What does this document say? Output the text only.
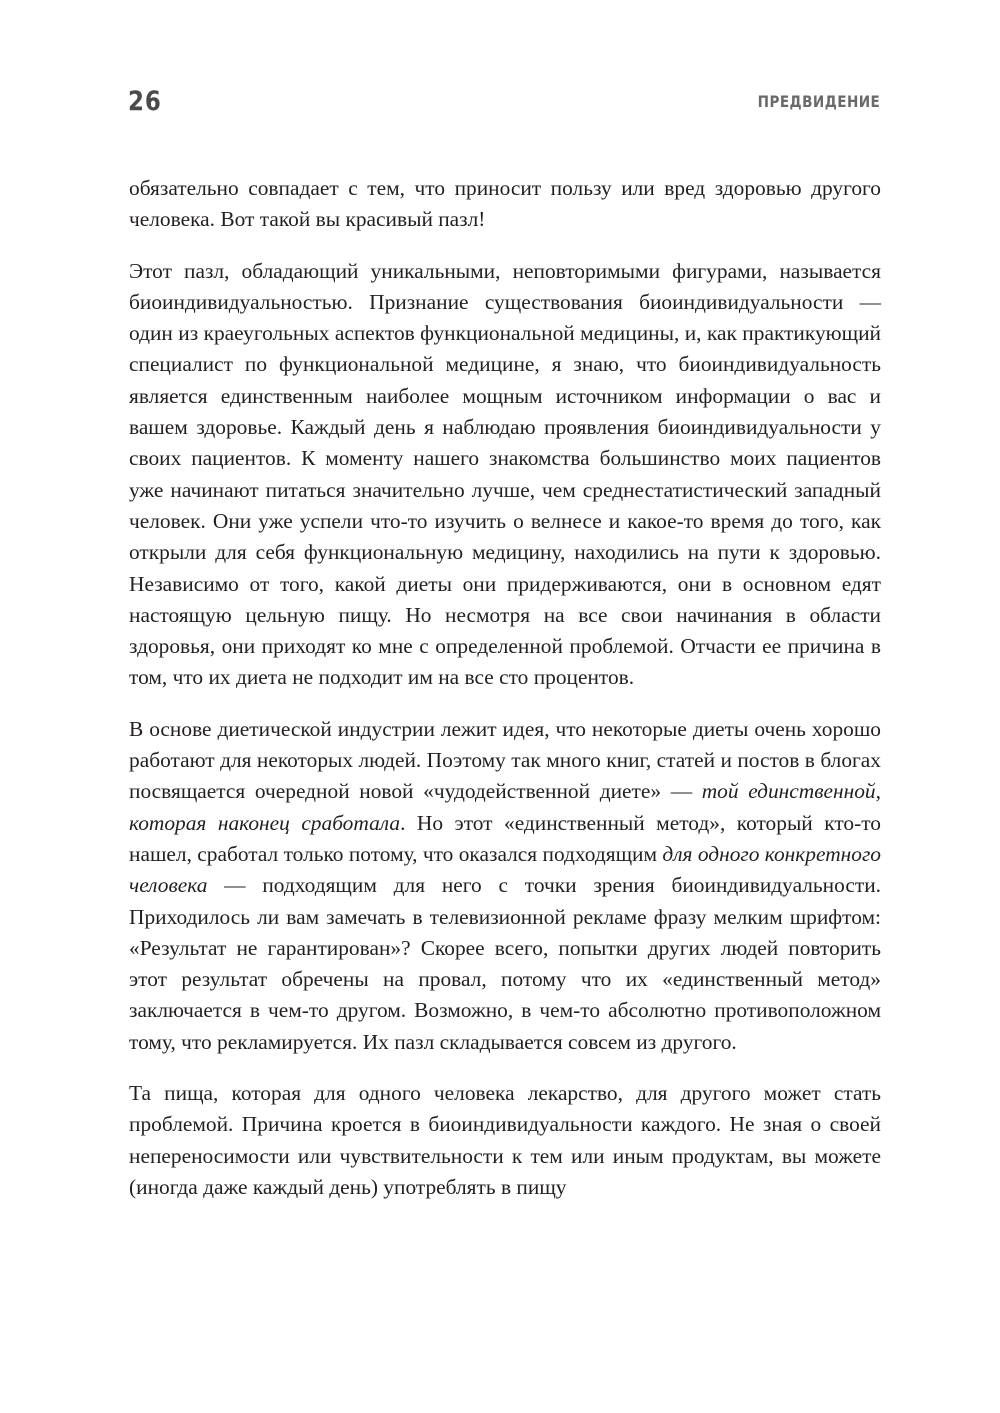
26	ПРЕДВИДЕНИЕ

обязательно совпадает с тем, что приносит пользу или вред здоровью другого человека. Вот такой вы красивый пазл!

Этот пазл, обладающий уникальными, неповторимыми фигурами, называется биоиндивидуальностью. Признание существования биоиндивидуальности — один из краеугольных аспектов функциональной медицины, и, как практикующий специалист по функциональной медицине, я знаю, что биоиндивидуальность является единственным наиболее мощным источником информации о вас и вашем здоровье. Каждый день я наблюдаю проявления биоиндивидуальности у своих пациентов. К моменту нашего знакомства большинство моих пациентов уже начинают питаться значительно лучше, чем среднестатистический западный человек. Они уже успели что-то изучить о велнесе и какое-то время до того, как открыли для себя функциональную медицину, находились на пути к здоровью. Независимо от того, какой диеты они придерживаются, они в основном едят настоящую цельную пищу. Но несмотря на все свои начинания в области здоровья, они приходят ко мне с определенной проблемой. Отчасти ее причина в том, что их диета не подходит им на все сто процентов.

В основе диетической индустрии лежит идея, что некоторые диеты очень хорошо работают для некоторых людей. Поэтому так много книг, статей и постов в блогах посвящается очередной новой «чудодейственной диете» — той единственной, которая наконец сработала. Но этот «единственный метод», который кто-то нашел, сработал только потому, что оказался подходящим для одного конкретного человека — подходящим для него с точки зрения биоиндивидуальности. Приходилось ли вам замечать в телевизионной рекламе фразу мелким шрифтом: «Результат не гарантирован»? Скорее всего, попытки других людей повторить этот результат обречены на провал, потому что их «единственный метод» заключается в чем-то другом. Возможно, в чем-то абсолютно противоположном тому, что рекламируется. Их пазл складывается совсем из другого.

Та пища, которая для одного человека лекарство, для другого может стать проблемой. Причина кроется в биоиндивидуальности каждого. Не зная о своей непереносимости или чувствительности к тем или иным продуктам, вы можете (иногда даже каждый день) употреблять в пищу
